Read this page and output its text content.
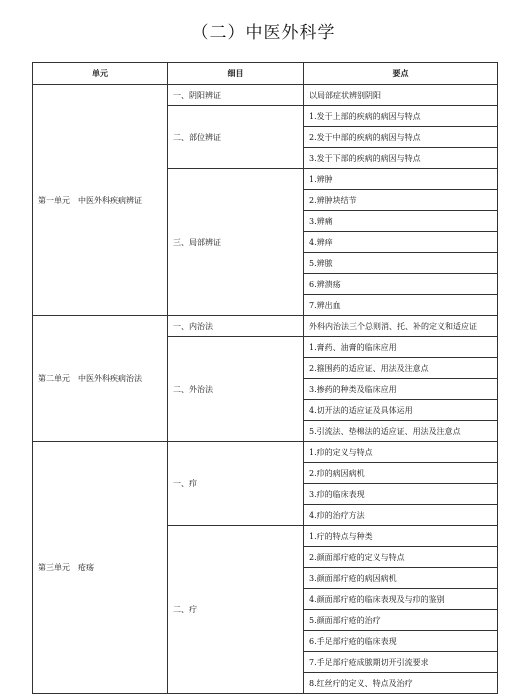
（二）中医外科学
单元	细目	要点
第一单元　中医外科疾病辨证	一、阴阳辨证	以局部症状辨别阴阳
	二、部位辨证	1.发于上部的疾病的病因与特点
		2.发于中部的疾病的病因与特点
		3.发于下部的疾病的病因与特点
	三、局部辨证	1.辨肿
		2.辨肿块结节
		3.辨痛
		4.辨痒
		5.辨脓
		6.辨溃疡
		7.辨出血
第二单元　中医外科疾病治法	一、内治法	外科内治法三个总则消、托、补的定义和适应证
	二、外治法	1.膏药、油膏的临床应用
		2.箍围药的适应证、用法及注意点
		3.掺药的种类及临床应用
		4.切开法的适应证及具体运用
		5.引流法、垫棉法的适应证、用法及注意点
第三单元　疮疡	一、疖	1.疖的定义与特点
		2.疖的病因病机
		3.疖的临床表现
		4.疖的治疗方法
	二、疔	1.疔的特点与种类
		2.颜面部疔疮的定义与特点
		3.颜面部疔疮的病因病机
		4.颜面部疔疮的临床表现及与疖的鉴别
		5.颜面部疔疮的治疗
		6.手足部疔疮的临床表现
		7.手足部疔疮成脓期切开引流要求
		8.红丝疔的定义、特点及治疗
